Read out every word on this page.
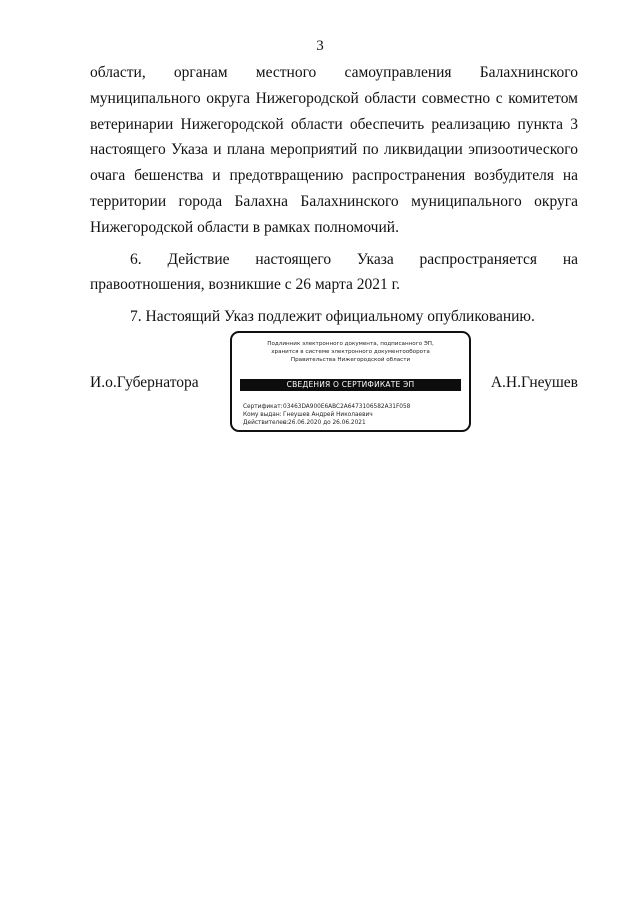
3

области, органам местного самоуправления Балахнинского муниципального округа Нижегородской области совместно с комитетом ветеринарии Нижегородской области обеспечить реализацию пункта 3 настоящего Указа и плана мероприятий по ликвидации эпизоотического очага бешенства и предотвращению распространения возбудителя на территории города Балахна Балахнинского муниципального округа Нижегородской области в рамках полномочий.

6. Действие настоящего Указа распространяется на правоотношения, возникшие с 26 марта 2021 г.

7. Настоящий Указ подлежит официальному опубликованию.

И.о.Губернатора
Подлинник электронного документа, подписанного ЭП,
хранится в системе электронного документооборота
Правительства Нижегородской области
СВЕДЕНИЯ О СЕРТИФИКАТЕ ЭП
Сертификат:03463DA900E6ABC2A6473106582A31F058
Кому выдан:Гнеушев Андрей Николаевич
Действителен:с 26.06.2020 до 26.06.2021
А.Н.Гнеушев
